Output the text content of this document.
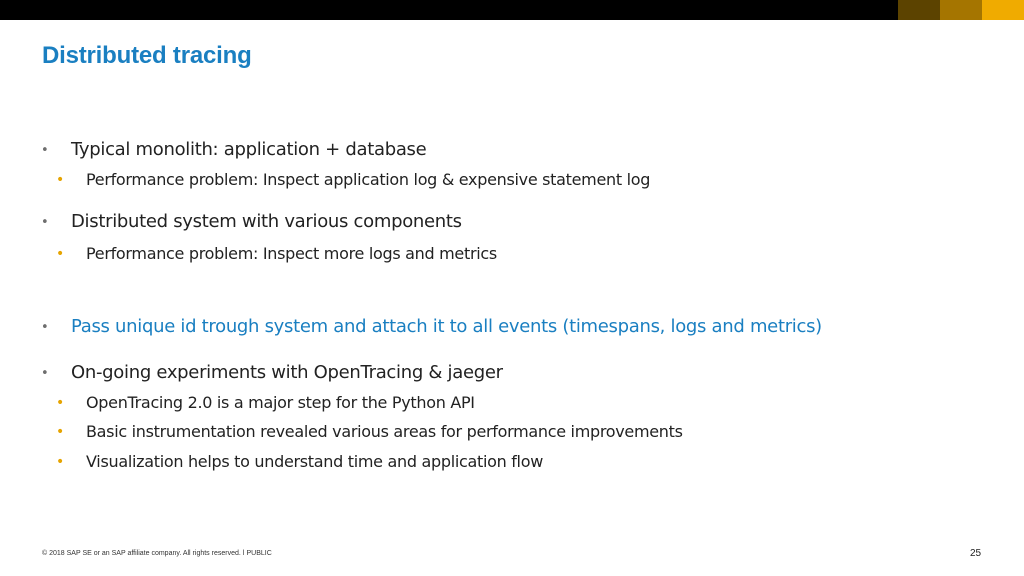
Distributed tracing
• Typical monolith: application + database
• Performance problem: Inspect application log & expensive statement log
• Distributed system with various components
• Performance problem: Inspect more logs and metrics
• Pass unique id trough system and attach it to all events (timespans, logs and metrics)
• On-going experiments with OpenTracing & jaeger
• OpenTracing 2.0 is a major step for the Python API
• Basic instrumentation revealed various areas for performance improvements
• Visualization helps to understand time and application flow
© 2018 SAP SE or an SAP affiliate company. All rights reserved. ǀ PUBLIC	25
